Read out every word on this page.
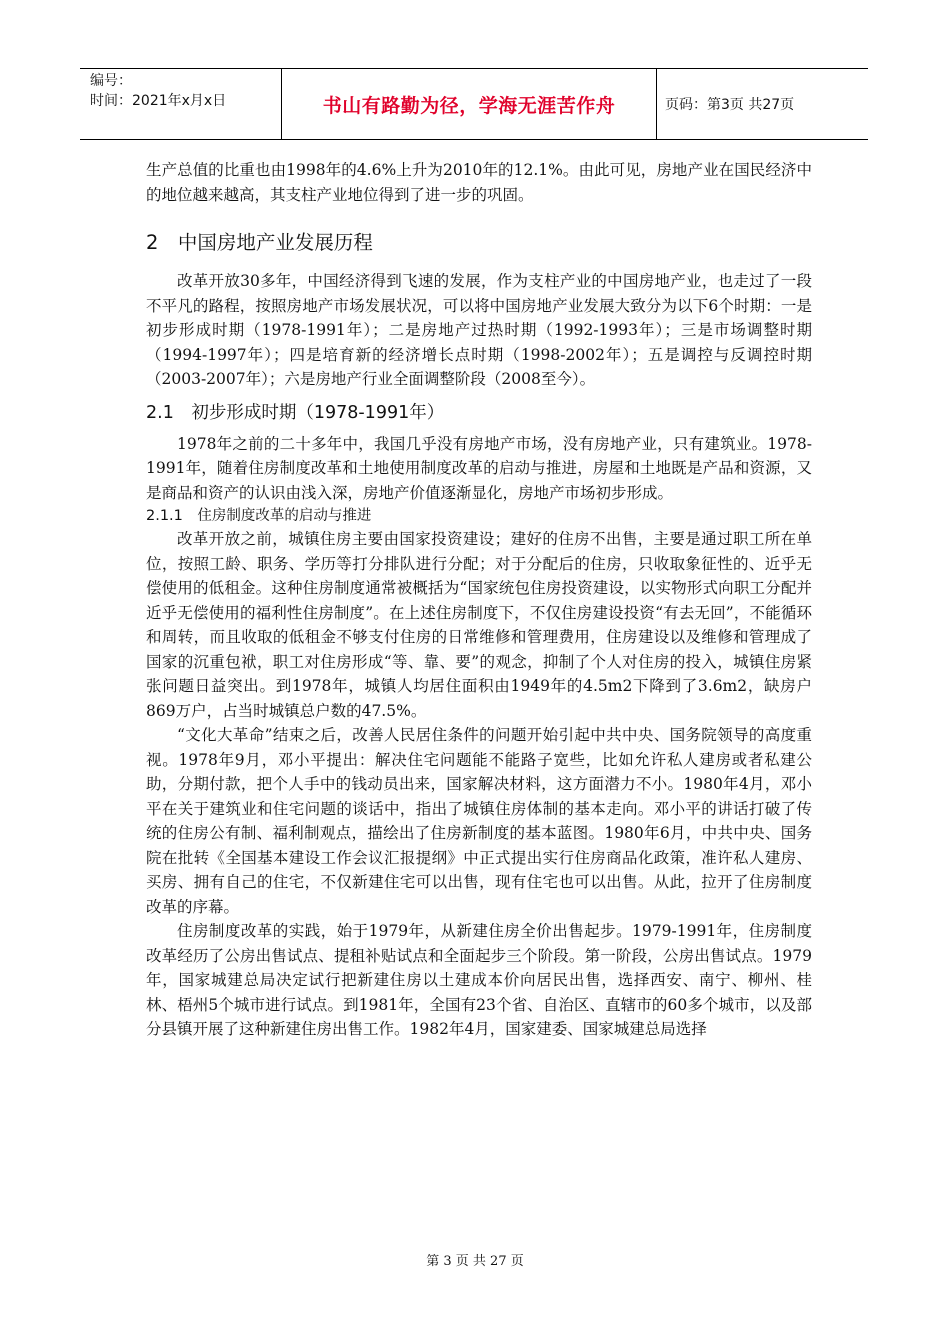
编号：
时间：2021年x月x日	书山有路勤为径，学海无涯苦作舟	页码：第3页 共27页

生产总值的比重也由1998年的4.6%上升为2010年的12.1%。由此可见，房地产业在国民经济中的地位越来越高，其支柱产业地位得到了进一步的巩固。

2　中国房地产业发展历程

改革开放30多年，中国经济得到飞速的发展，作为支柱产业的中国房地产业，也走过了一段不平凡的路程，按照房地产市场发展状况，可以将中国房地产业发展大致分为以下6个时期：一是初步形成时期（1978-1991年）；二是房地产过热时期（1992-1993年）；三是市场调整时期（1994-1997年）；四是培育新的经济增长点时期（1998-2002年）；五是调控与反调控时期（2003-2007年）；六是房地产行业全面调整阶段（2008至今）。

2.1　初步形成时期（1978-1991年）

1978年之前的二十多年中，我国几乎没有房地产市场，没有房地产业，只有建筑业。1978-1991年，随着住房制度改革和土地使用制度改革的启动与推进，房屋和土地既是产品和资源，又是商品和资产的认识由浅入深，房地产价值逐渐显化，房地产市场初步形成。

2.1.1　住房制度改革的启动与推进

改革开放之前，城镇住房主要由国家投资建设；建好的住房不出售，主要是通过职工所在单位，按照工龄、职务、学历等打分排队进行分配；对于分配后的住房，只收取象征性的、近乎无偿使用的低租金。这种住房制度通常被概括为“国家统包住房投资建设，以实物形式向职工分配并近乎无偿使用的福利性住房制度”。在上述住房制度下，不仅住房建设投资“有去无回”，不能循环和周转，而且收取的低租金不够支付住房的日常维修和管理费用，住房建设以及维修和管理成了国家的沉重包袱，职工对住房形成“等、靠、要”的观念，抑制了个人对住房的投入，城镇住房紧张问题日益突出。到1978年，城镇人均居住面积由1949年的4.5m2下降到了3.6m2，缺房户869万户，占当时城镇总户数的47.5%。

“文化大革命”结束之后，改善人民居住条件的问题开始引起中共中央、国务院领导的高度重视。1978年9月，邓小平提出：解决住宅问题能不能路子宽些，比如允许私人建房或者私建公助，分期付款，把个人手中的钱动员出来，国家解决材料，这方面潜力不小。1980年4月，邓小平在关于建筑业和住宅问题的谈话中，指出了城镇住房体制的基本走向。邓小平的讲话打破了传统的住房公有制、福利制观点，描绘出了住房新制度的基本蓝图。1980年6月，中共中央、国务院在批转《全国基本建设工作会议汇报提纲》中正式提出实行住房商品化政策，准许私人建房、买房、拥有自己的住宅，不仅新建住宅可以出售，现有住宅也可以出售。从此，拉开了住房制度改革的序幕。

住房制度改革的实践，始于1979年，从新建住房全价出售起步。1979-1991年，住房制度改革经历了公房出售试点、提租补贴试点和全面起步三个阶段。第一阶段，公房出售试点。1979年，国家城建总局决定试行把新建住房以土建成本价向居民出售，选择西安、南宁、柳州、桂林、梧州5个城市进行试点。到1981年，全国有23个省、自治区、直辖市的60多个城市，以及部分县镇开展了这种新建住房出售工作。1982年4月，国家建委、国家城建总局选择

第 3 页 共 27 页
